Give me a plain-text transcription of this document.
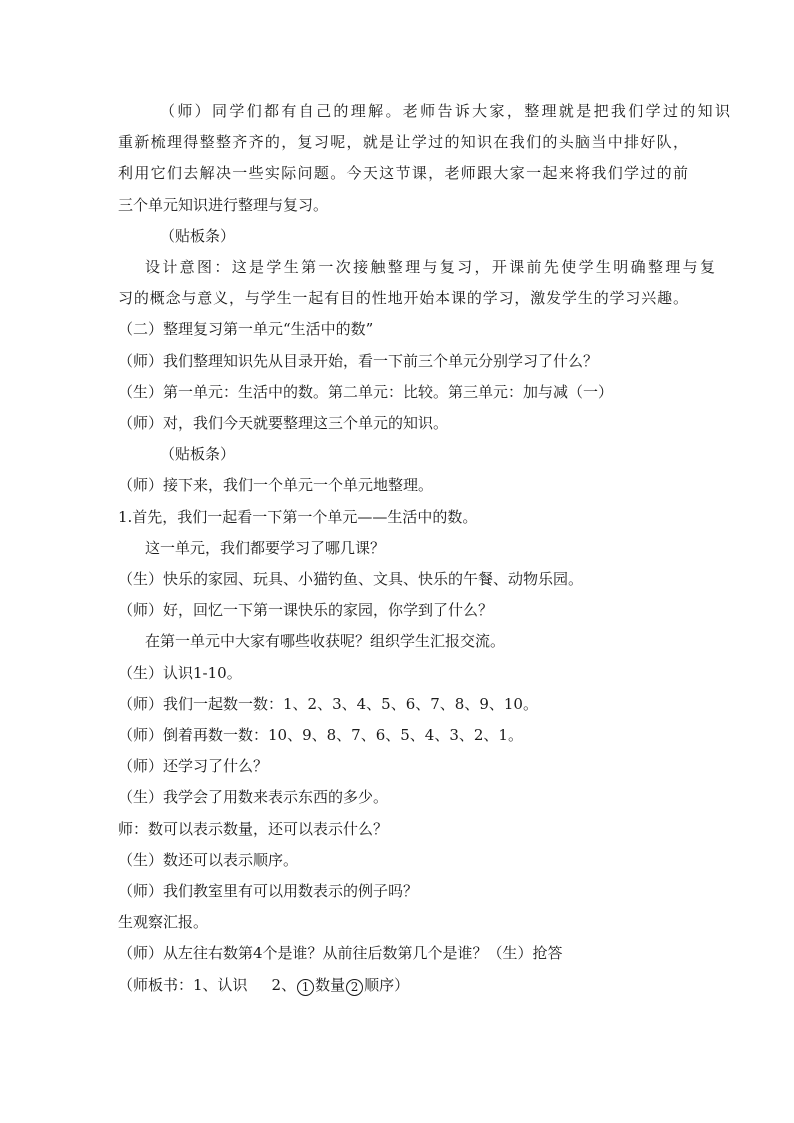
（师）同学们都有自己的理解。老师告诉大家，整理就是把我们学过的知识
重新梳理得整整齐齐的，复习呢，就是让学过的知识在我们的头脑当中排好队，
利用它们去解决一些实际问题。今天这节课，老师跟大家一起来将我们学过的前
三个单元知识进行整理与复习。
（贴板条）
设计意图：这是学生第一次接触整理与复习，开课前先使学生明确整理与复
习的概念与意义，与学生一起有目的性地开始本课的学习，激发学生的学习兴趣。
（二）整理复习第一单元“生活中的数”
（师）我们整理知识先从目录开始，看一下前三个单元分别学习了什么？
（生）第一单元：生活中的数。第二单元：比较。第三单元：加与减（一）
（师）对，我们今天就要整理这三个单元的知识。
（贴板条）
（师）接下来，我们一个单元一个单元地整理。
1.首先，我们一起看一下第一个单元——生活中的数。
这一单元，我们都要学习了哪几课？
（生）快乐的家园、玩具、小猫钓鱼、文具、快乐的午餐、动物乐园。
（师）好，回忆一下第一课快乐的家园，你学到了什么？
在第一单元中大家有哪些收获呢？组织学生汇报交流。
（生）认识1-10。
（师）我们一起数一数：1、2、3、4、5、6、7、8、9、10。
（师）倒着再数一数：10、9、8、7、6、5、4、3、2、1。
（师）还学习了什么？
（生）我学会了用数来表示东西的多少。
师：数可以表示数量，还可以表示什么？
（生）数还可以表示顺序。
（师）我们教室里有可以用数表示的例子吗？
生观察汇报。
（师）从左往右数第4个是谁？从前往后数第几个是谁？（生）抢答
（师板书：1、认识 2、 1 数量 2 顺序）
